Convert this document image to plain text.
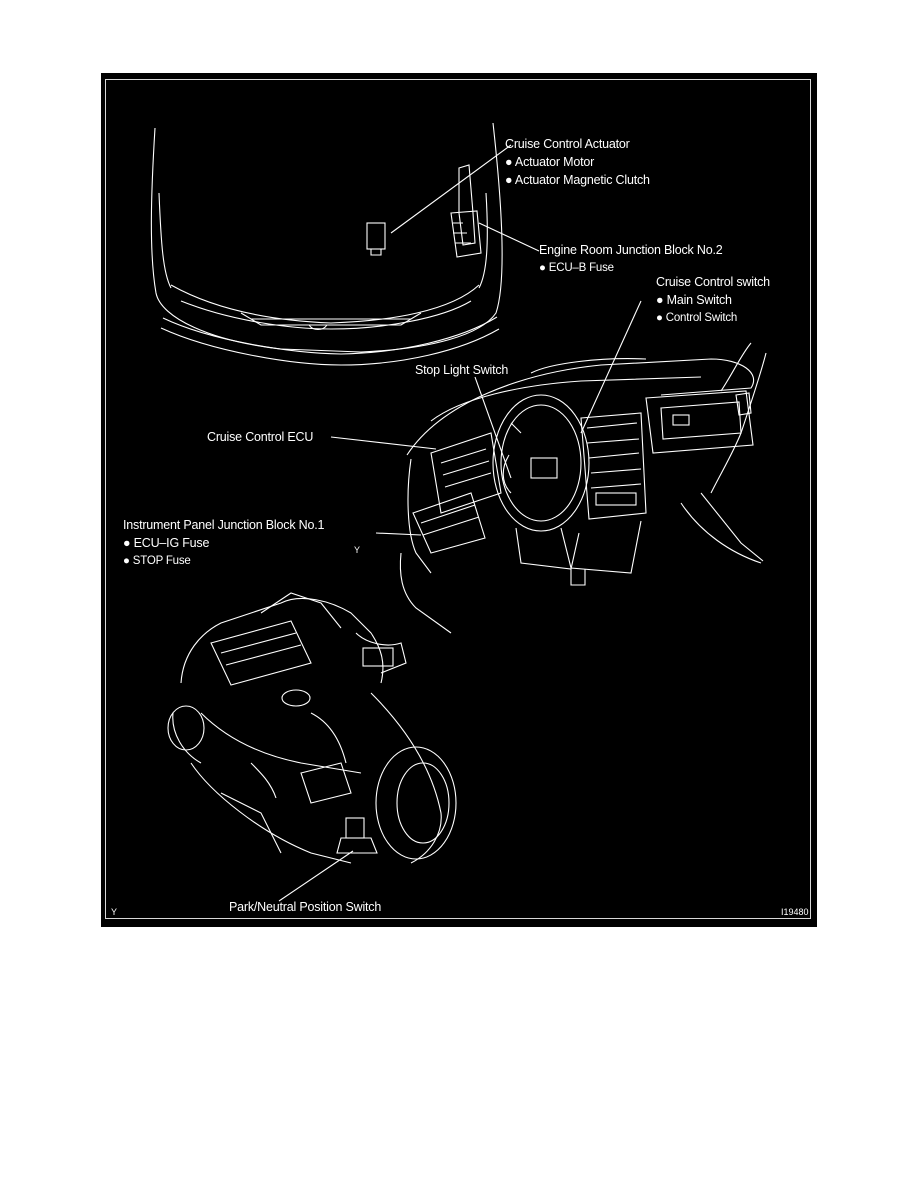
Cruise Control Actuator
● Actuator Motor
● Actuator Magnetic Clutch
Engine Room Junction Block No.2
● ECU–B Fuse
Cruise Control switch
● Main Switch
● Control Switch
Stop Light Switch
Cruise Control ECU
Instrument Panel Junction Block No.1
● ECU–IG Fuse
● STOP Fuse
Y
Park/Neutral Position Switch
Y	I19480
